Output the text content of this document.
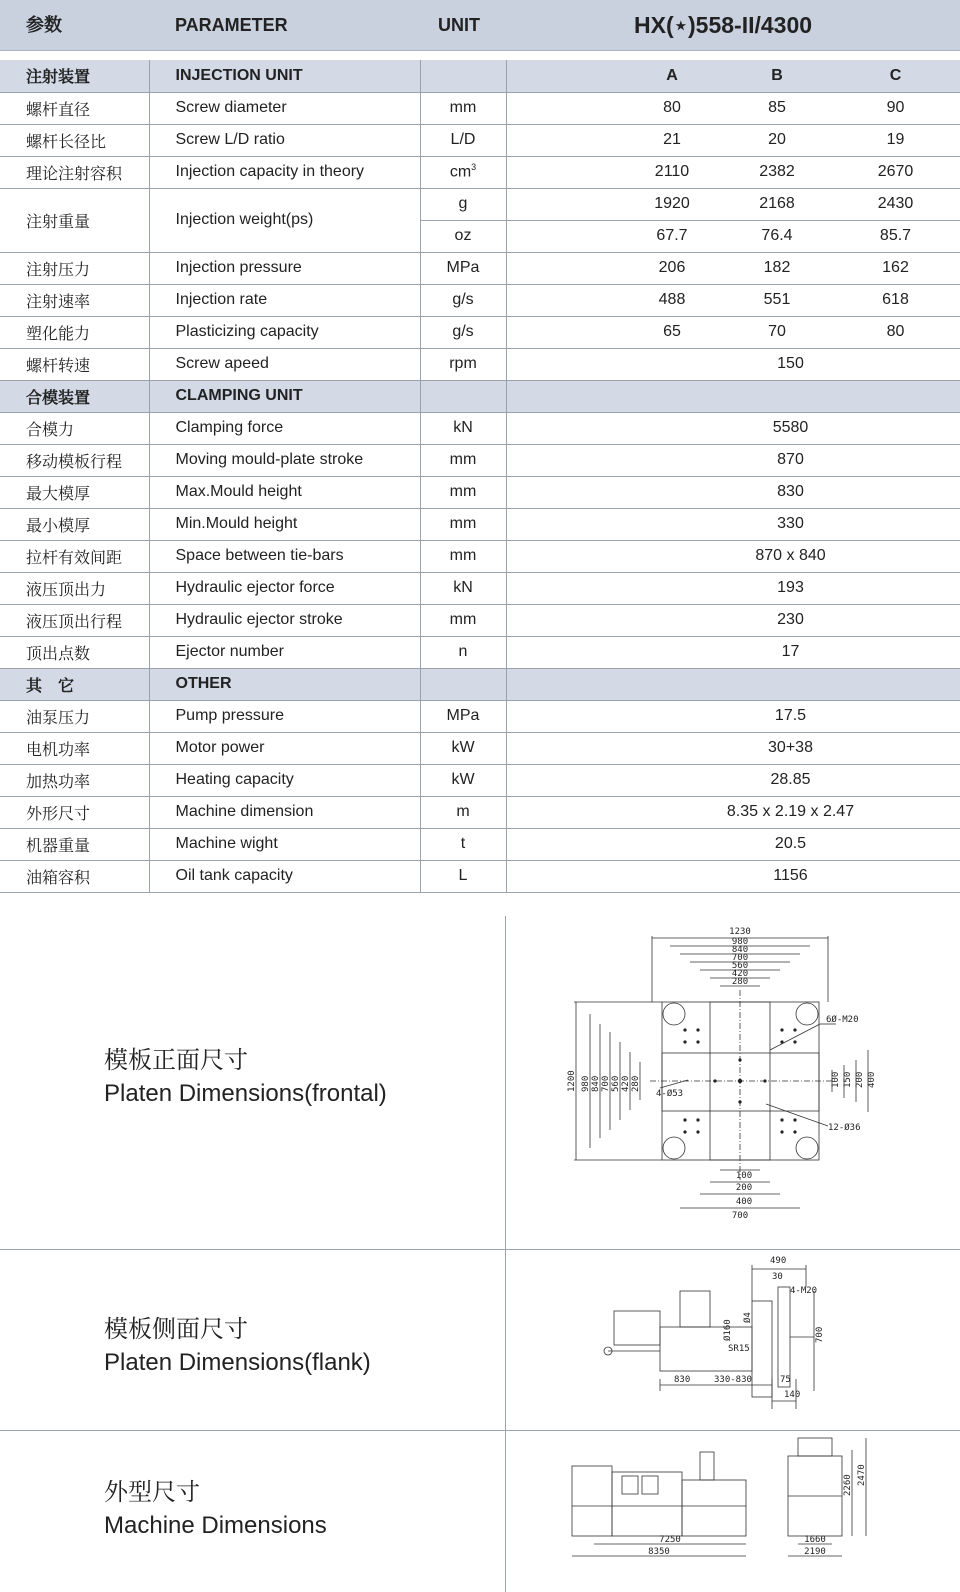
参数	PARAMETER	UNIT	HX(⋆)558-II/4300
注射装置	INJECTION UNIT			A	B	C
螺杆直径	Screw diameter	mm		80	85	90
螺杆长径比	Screw L/D ratio	L/D		21	20	19
理论注射容积	Injection capacity in theory	$cm^3$		2110	2382	2670
注射重量	Injection weight(ps)	g		1920	2168	2430
		oz		67.7	76.4	85.7
注射压力	Injection pressure	MPa		206	182	162
注射速率	Injection rate	g/s		488	551	618
塑化能力	Plasticizing capacity	g/s		65	70	80
螺杆转速	Screw apeed	rpm		150		
合模装置	CLAMPING UNIT					
合模力	Clamping force	kN		5580		
移动模板行程	Moving mould-plate stroke	mm		870		
最大模厚	Max.Mould height	mm		830		
最小模厚	Min.Mould height	mm		330		
拉杆有效间距	Space between tie-bars	mm		870 x 840		
液压顶出力	Hydraulic ejector force	kN		193		
液压顶出行程	Hydraulic ejector stroke	mm		230		
顶出点数	Ejector number	n		17		
其　它	OTHER					
油泵压力	Pump pressure	MPa		17.5		
电机功率	Motor power	kW		30+38		
加热功率	Heating capacity	kW		28.85		
外形尺寸	Machine dimension	m		8.35 x 2.19 x 2.47		
机器重量	Machine wight	t		20.5		
油箱容积	Oil tank capacity	L		1156		
模板正面尺寸
Platen Dimensions(frontal)
1230
980
840
700
560
420
280
100
200
400
700
1200 980 840 700 560 420 280	100 150 200 400
6Ø-M20
4-Ø53
12-Ø36
模板侧面尺寸
Platen Dimensions(flank)
490
30
4-M20
Ø4
Ø160
SR15
700
830	330-830	75
140
外型尺寸
Machine Dimensions
7250
8350
1660
2190
2260 2470
